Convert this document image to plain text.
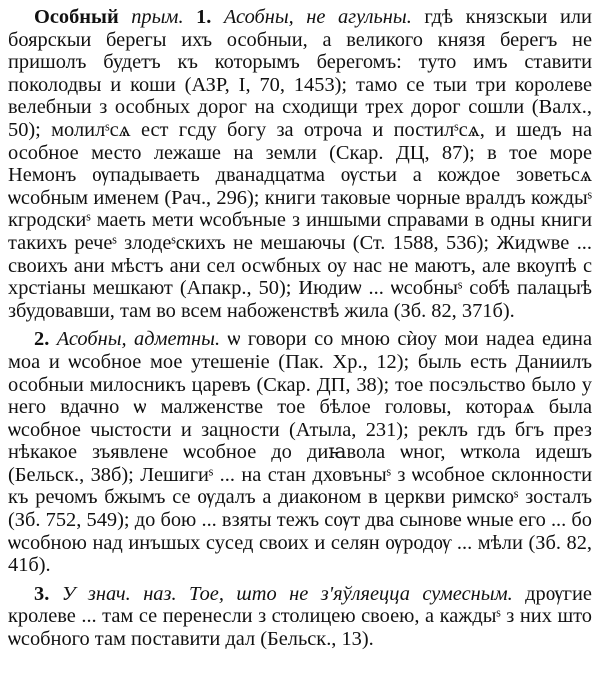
Особный прым. 1. Асобны, не агульны. гдѣ князскыи или боярскыи берегы ихъ особныи, а великого князя берегъ не пришолъ будетъ къ которымъ берегомъ: туто имъ ставити поколодвы и коши (АЗР, I, 70, 1453); тамо се тыи три королеве велебныи з особных дорог на сходищи трех дорог сошли (Валх., 50); молилˢсѧ ест гсду богу за отроча и постилˢсѧ, и шедъ на особное место лежаше на земли (Скар. ДЦ, 87); в тое море Немонъ ѹпадываеть дванадцатма ѹстьи а кождое зоветьсѧ ѡсобным именем (Рач., 296); книги таковые чорные вралдъ кождыˢ кгродскиˢ маеть мети ѡсобъные з иншыми справами в одны книги такихъ речеˢ злодеˢскихъ не мешаючы (Ст. 1588, 536); Жидwве ... своихъ ани мѣстъ ани сел осwбных оу нас не маютъ, але вкоупѣ с хрстіаны мешкают (Апакр., 50); Июдиѡ ... ѡсобныˢ собѣ палацыѣ збудовавши, там во всем набоженствѣ жила (Зб. 82, 371б).

2. Асобны, адметны. ѡ говори со мною сѝоу мои надеа едина моа и ѡсобное мое утешеніе (Пак. Хр., 12); быль есть Даниилъ особныи милосникъ царевъ (Скар. ДП, 38); тое посэльство было у него вдачно ѡ малженстве тое бѣлое головы, котораѧ была ѡсобное чыстости и зацности (Атыла, 231); реклъ гдъ бгъ през нѣкакое зъявлене ѡсобное до диꙗвола ѡног, ѡткола идешъ (Бельск., 38б); Лешигиˢ ... на стан дховъныˢ з ѡсобное склонности къ речомъ бжымъ се ѹдалъ а диаконом в церкви римскоˢ зосталъ (Зб. 752, 549); до бою ... взяты тежъ сѹт два сынове ѡные его ... бо ѡсобною над инъшых сусед своих и селян ѹродѹ ... мѣли (Зб. 82, 41б).

3. У знач. наз. Тое, што не з'яўляецца сумесным. дрѹгие кролеве ... там се перенесли з столицею своею, а каждыˢ з них што ѡсобного там поставити дал (Бельск., 13).
